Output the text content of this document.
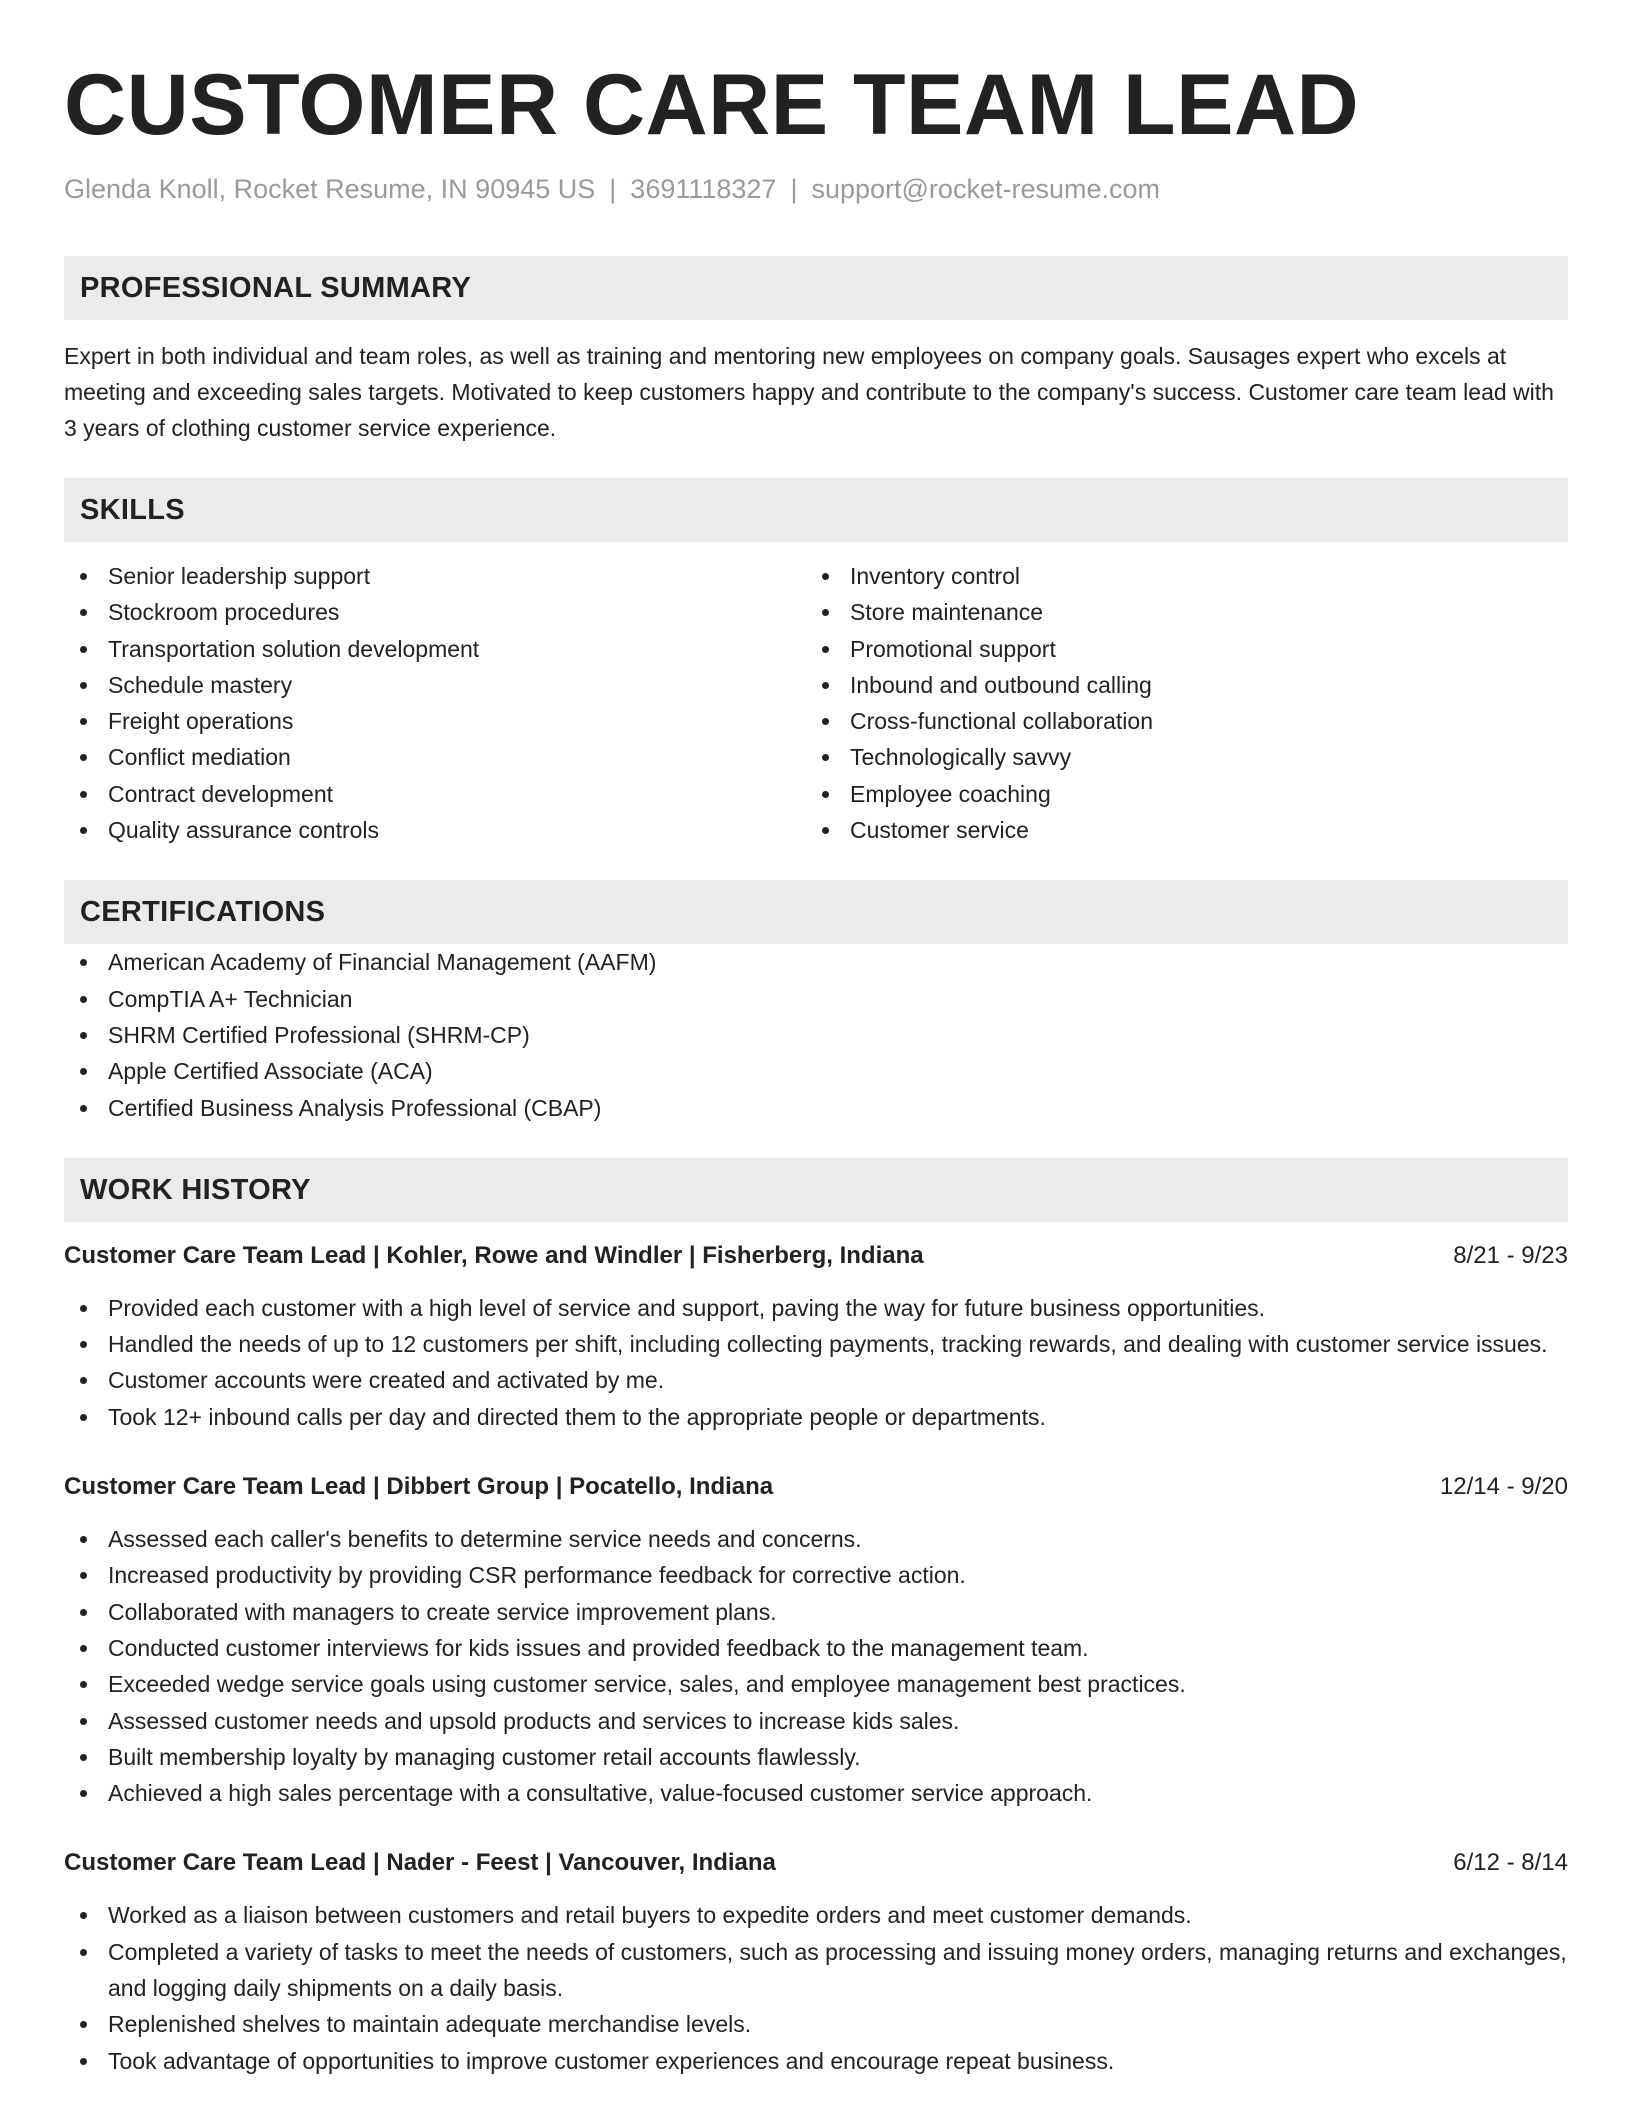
CUSTOMER CARE TEAM LEAD
Glenda Knoll, Rocket Resume, IN 90945 US | 3691118327 | support@rocket-resume.com
PROFESSIONAL SUMMARY
Expert in both individual and team roles, as well as training and mentoring new employees on company goals. Sausages expert who excels at meeting and exceeding sales targets. Motivated to keep customers happy and contribute to the company's success. Customer care team lead with 3 years of clothing customer service experience.
SKILLS
Senior leadership support
Stockroom procedures
Transportation solution development
Schedule mastery
Freight operations
Conflict mediation
Contract development
Quality assurance controls
Inventory control
Store maintenance
Promotional support
Inbound and outbound calling
Cross-functional collaboration
Technologically savvy
Employee coaching
Customer service
CERTIFICATIONS
American Academy of Financial Management (AAFM)
CompTIA A+ Technician
SHRM Certified Professional (SHRM-CP)
Apple Certified Associate (ACA)
Certified Business Analysis Professional (CBAP)
WORK HISTORY
Customer Care Team Lead | Kohler, Rowe and Windler | Fisherberg, Indiana	8/21 - 9/23
Provided each customer with a high level of service and support, paving the way for future business opportunities.
Handled the needs of up to 12 customers per shift, including collecting payments, tracking rewards, and dealing with customer service issues.
Customer accounts were created and activated by me.
Took 12+ inbound calls per day and directed them to the appropriate people or departments.
Customer Care Team Lead | Dibbert Group | Pocatello, Indiana	12/14 - 9/20
Assessed each caller's benefits to determine service needs and concerns.
Increased productivity by providing CSR performance feedback for corrective action.
Collaborated with managers to create service improvement plans.
Conducted customer interviews for kids issues and provided feedback to the management team.
Exceeded wedge service goals using customer service, sales, and employee management best practices.
Assessed customer needs and upsold products and services to increase kids sales.
Built membership loyalty by managing customer retail accounts flawlessly.
Achieved a high sales percentage with a consultative, value-focused customer service approach.
Customer Care Team Lead | Nader - Feest | Vancouver, Indiana	6/12 - 8/14
Worked as a liaison between customers and retail buyers to expedite orders and meet customer demands.
Completed a variety of tasks to meet the needs of customers, such as processing and issuing money orders, managing returns and exchanges, and logging daily shipments on a daily basis.
Replenished shelves to maintain adequate merchandise levels.
Took advantage of opportunities to improve customer experiences and encourage repeat business.
